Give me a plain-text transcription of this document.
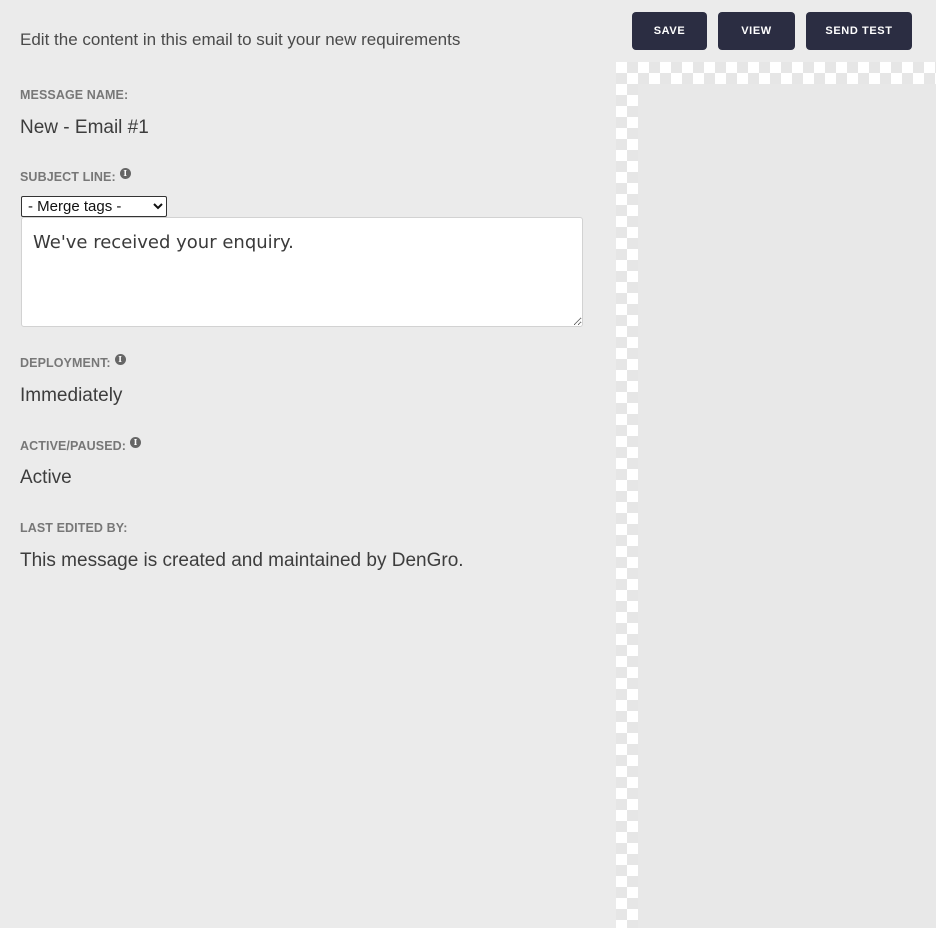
Edit the content in this email to suit your new requirements	SAVE	VIEW	SEND TEST
MESSAGE NAME:
New - Email #1
SUBJECT LINE: I
- Merge tags -
We've received your enquiry.
DEPLOYMENT: I
Immediately
ACTIVE/PAUSED: I
Active
LAST EDITED BY:
This message is created and maintained by DenGro.
